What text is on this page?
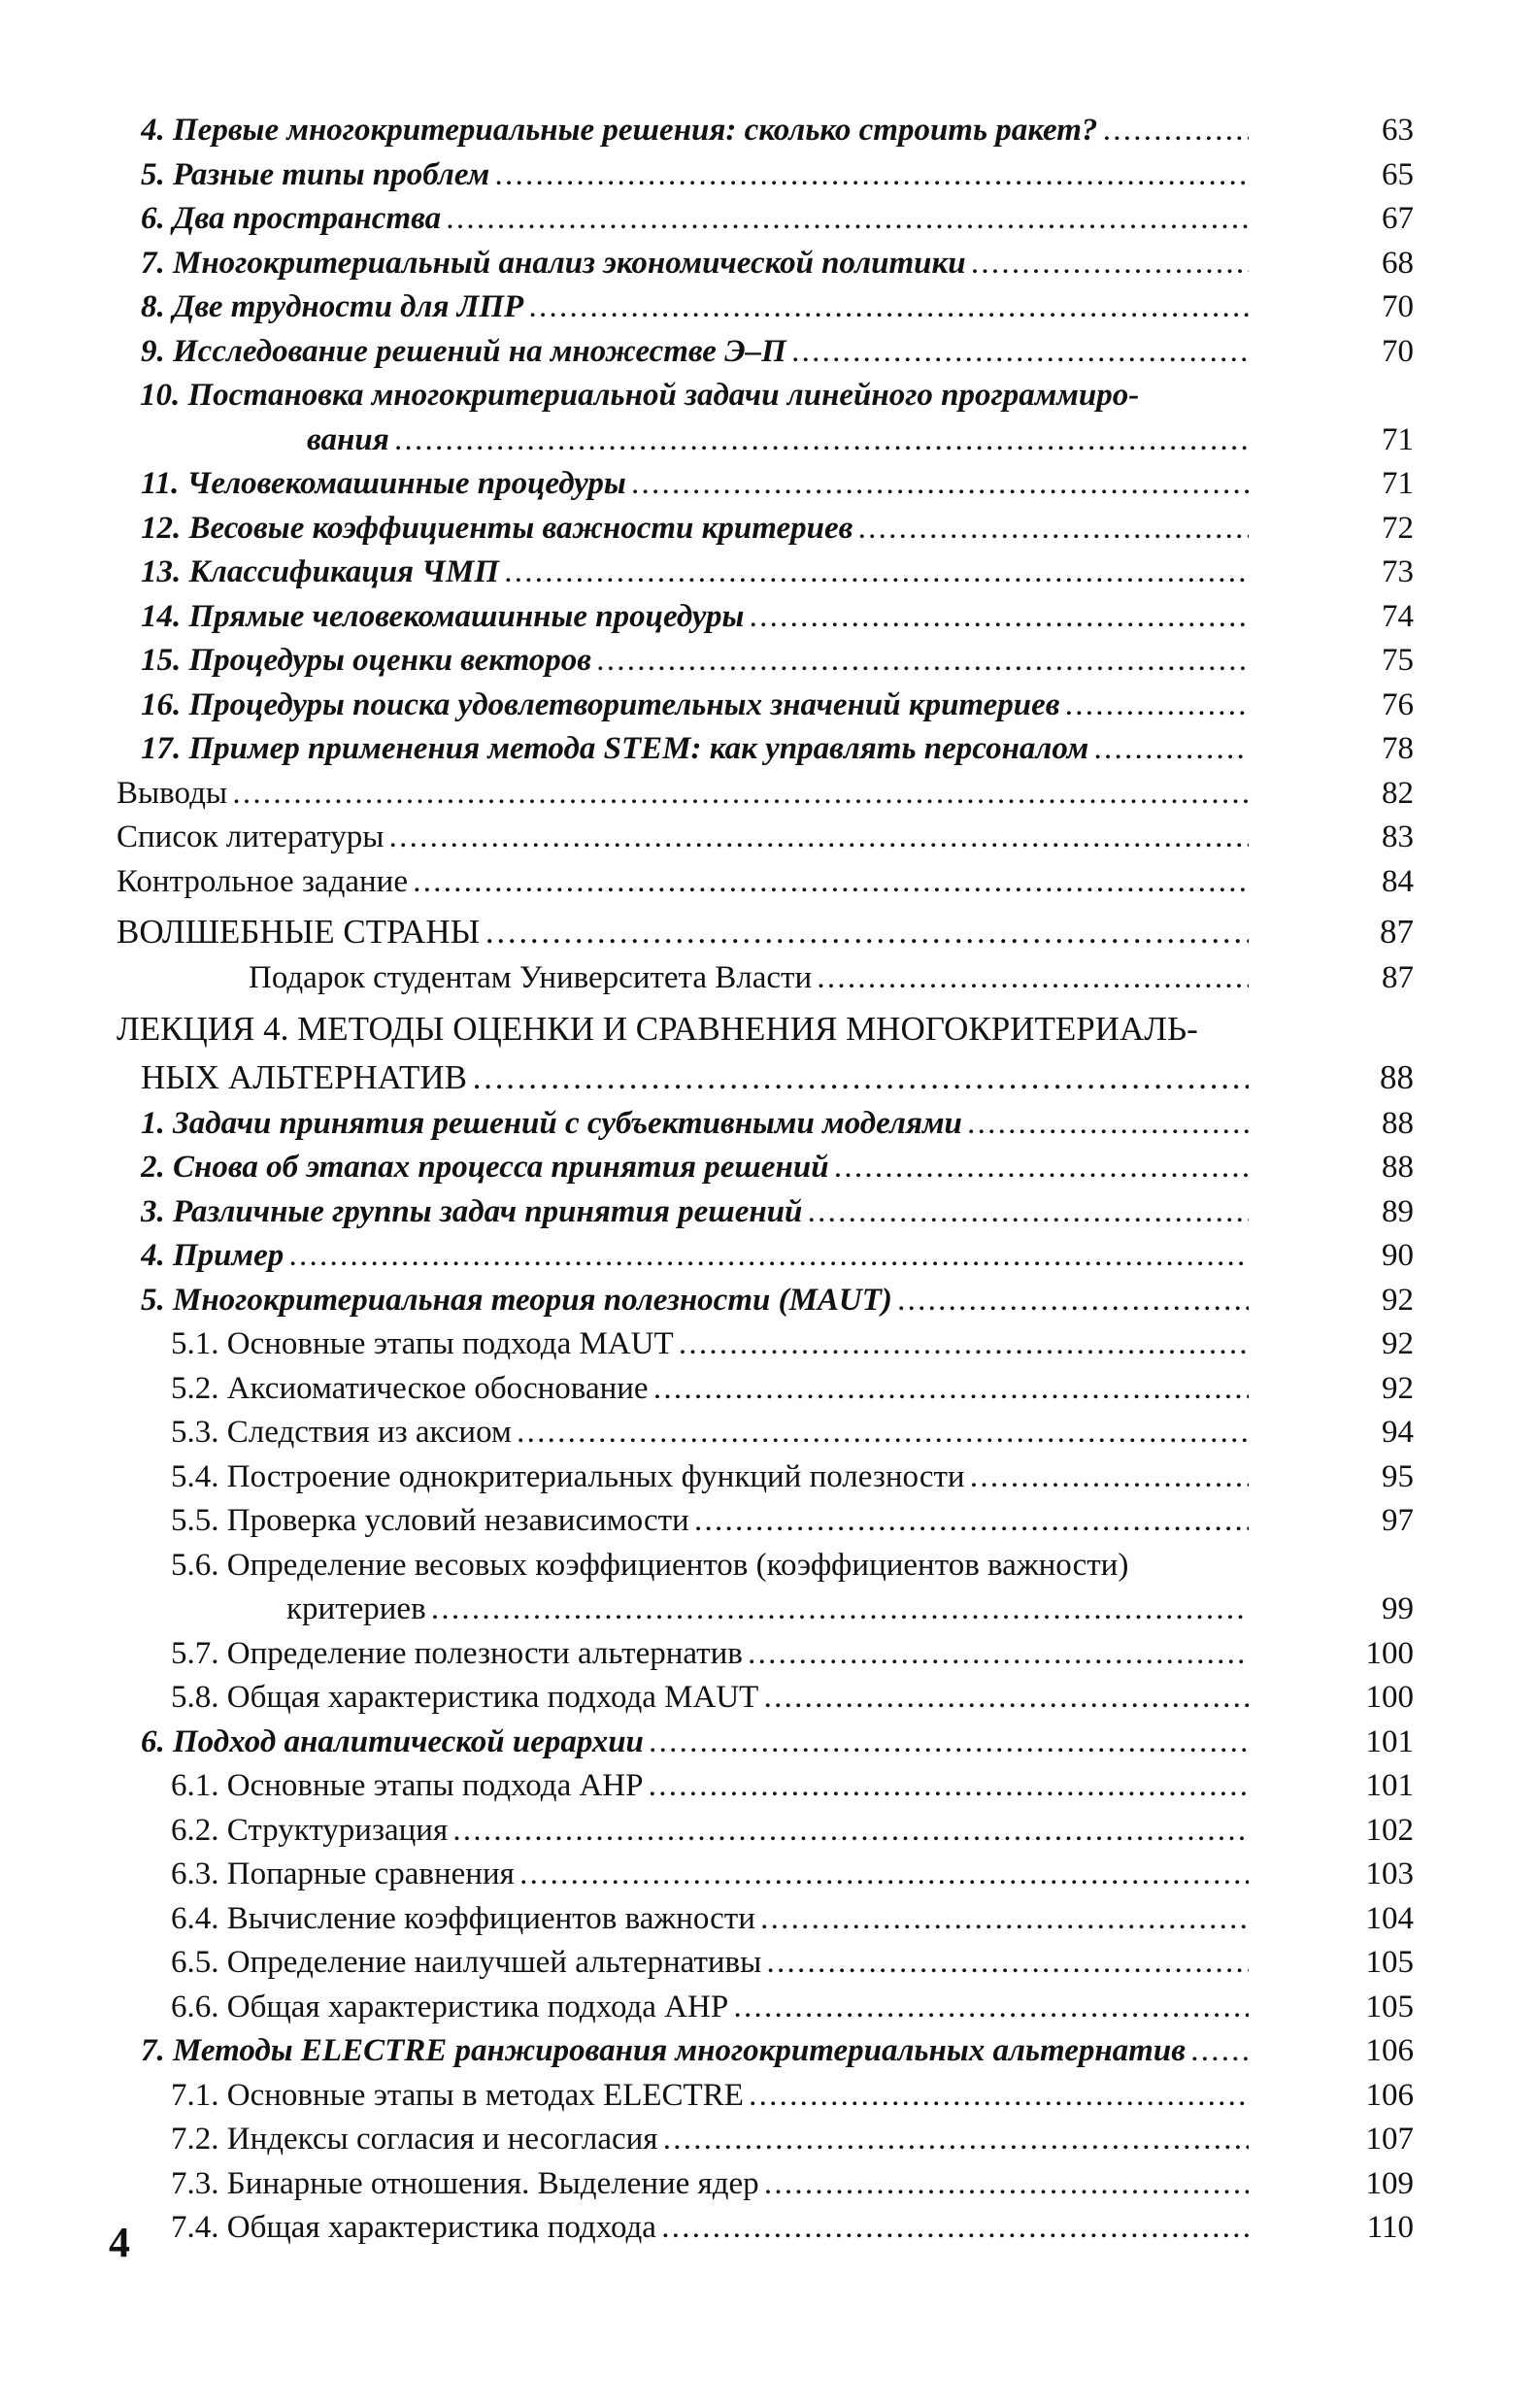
4. Первые многокритериальные решения: сколько строить ракет? . . .	63
5. Разные типы проблем . . .	65
6. Два пространства . . .	67
7. Многокритериальный анализ экономической политики . . .	68
8. Две трудности для ЛПР . . .	70
9. Исследование решений на множестве Э–П . . .	70
10. Постановка многокритериальной задачи линейного программиро-
вания . . .	71
11. Человекомашинные процедуры . . .	71
12. Весовые коэффициенты важности критериев . . .	72
13. Классификация ЧМП . . .	73
14. Прямые человекомашинные процедуры . . .	74
15. Процедуры оценки векторов . . .	75
16. Процедуры поиска удовлетворительных значений критериев . . .	76
17. Пример применения метода STEM: как управлять персоналом . . .	78
Выводы . . .	82
Список литературы . . .	83
Контрольное задание . . .	84
ВОЛШЕБНЫЕ СТРАНЫ . . .	87
Подарок студентам Университета Власти . . .	87
ЛЕКЦИЯ 4. МЕТОДЫ ОЦЕНКИ И СРАВНЕНИЯ МНОГОКРИТЕРИАЛЬ-
НЫХ АЛЬТЕРНАТИВ . . .	88
1. Задачи принятия решений с субъективными моделями . . .	88
2. Снова об этапах процесса принятия решений . . .	88
3. Различные группы задач принятия решений . . .	89
4. Пример . . .	90
5. Многокритериальная теория полезности (MAUT) . . .	92
5.1. Основные этапы подхода MAUT . . .	92
5.2. Аксиоматическое обоснование . . .	92
5.3. Следствия из аксиом . . .	94
5.4. Построение однокритериальных функций полезности . . .	95
5.5. Проверка условий независимости . . .	97
5.6. Определение весовых коэффициентов (коэффициентов важности)
критериев . . .	99
5.7. Определение полезности альтернатив . . .	100
5.8. Общая характеристика подхода MAUT . . .	100
6. Подход аналитической иерархии . . .	101
6.1. Основные этапы подхода AHP . . .	101
6.2. Структуризация . . .	102
6.3. Попарные сравнения . . .	103
6.4. Вычисление коэффициентов важности . . .	104
6.5. Определение наилучшей альтернативы . . .	105
6.6. Общая характеристика подхода AHP . . .	105
7. Методы ELECTRE ранжирования многокритериальных альтернатив . . .	106
7.1. Основные этапы в методах ELECTRE . . .	106
7.2. Индексы согласия и несогласия . . .	107
7.3. Бинарные отношения. Выделение ядер . . .	109
7.4. Общая характеристика подхода . . .	110
4
